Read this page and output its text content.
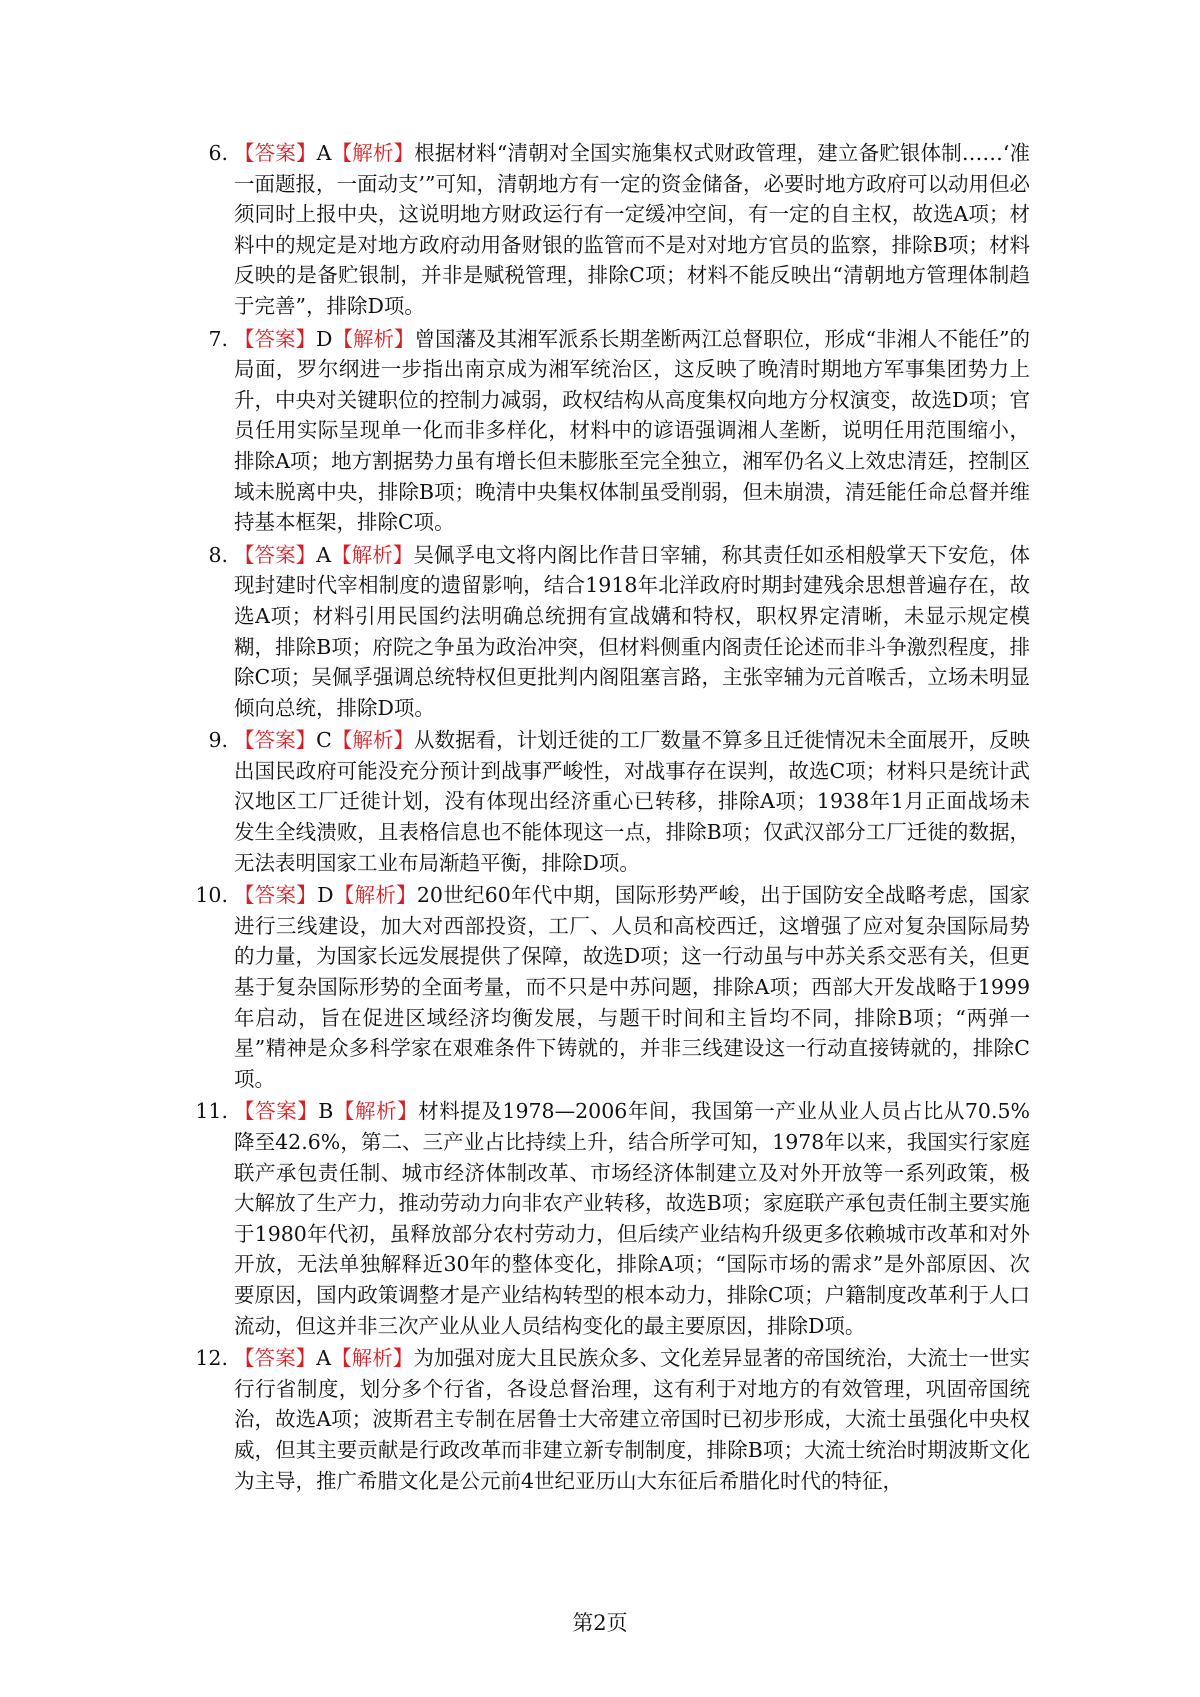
6. 【答案】A【解析】根据材料“清朝对全国实施集权式财政管理，建立备贮银体制……‘准一面题报，一面动支’”可知，清朝地方有一定的资金储备，必要时地方政府可以动用但必须同时上报中央，这说明地方财政运行有一定缓冲空间，有一定的自主权，故选A项；材料中的规定是对地方政府动用备财银的监管而不是对对地方官员的监察，排除B项；材料反映的是备贮银制，并非是赋税管理，排除C项；材料不能反映出“清朝地方管理体制趋于完善”，排除D项。
7. 【答案】D【解析】曾国藩及其湘军派系长期垄断两江总督职位，形成“非湘人不能任”的局面，罗尔纲进一步指出南京成为湘军统治区，这反映了晚清时期地方军事集团势力上升，中央对关键职位的控制力减弱，政权结构从高度集权向地方分权演变，故选D项；官员任用实际呈现单一化而非多样化，材料中的谚语强调湘人垄断，说明任用范围缩小，排除A项；地方割据势力虽有增长但未膨胀至完全独立，湘军仍名义上效忠清廷，控制区域未脱离中央，排除B项；晚清中央集权体制虽受削弱，但未崩溃，清廷能任命总督并维持基本框架，排除C项。
8. 【答案】A【解析】吴佩孚电文将内阁比作昔日宰辅，称其责任如丞相般掌天下安危，体现封建时代宰相制度的遗留影响，结合1918年北洋政府时期封建残余思想普遍存在，故选A项；材料引用民国约法明确总统拥有宣战媾和特权，职权界定清晰，未显示规定模糊，排除B项；府院之争虽为政治冲突，但材料侧重内阁责任论述而非斗争激烈程度，排除C项；吴佩孚强调总统特权但更批判内阁阻塞言路，主张宰辅为元首喉舌，立场未明显倾向总统，排除D项。
9. 【答案】C【解析】从数据看，计划迁徙的工厂数量不算多且迁徙情况未全面展开，反映出国民政府可能没充分预计到战事严峻性，对战事存在误判，故选C项；材料只是统计武汉地区工厂迁徙计划，没有体现出经济重心已转移，排除A项；1938年1月正面战场未发生全线溃败，且表格信息也不能体现这一点，排除B项；仅武汉部分工厂迁徙的数据，无法表明国家工业布局渐趋平衡，排除D项。
10. 【答案】D【解析】20世纪60年代中期，国际形势严峻，出于国防安全战略考虑，国家进行三线建设，加大对西部投资，工厂、人员和高校西迁，这增强了应对复杂国际局势的力量，为国家长远发展提供了保障，故选D项；这一行动虽与中苏关系交恶有关，但更基于复杂国际形势的全面考量，而不只是中苏问题，排除A项；西部大开发战略于1999年启动，旨在促进区域经济均衡发展，与题干时间和主旨均不同，排除B项；“两弹一星”精神是众多科学家在艰难条件下铸就的，并非三线建设这一行动直接铸就的，排除C项。
11. 【答案】B【解析】材料提及1978—2006年间，我国第一产业从业人员占比从70.5%降至42.6%，第二、三产业占比持续上升，结合所学可知，1978年以来，我国实行家庭联产承包责任制、城市经济体制改革、市场经济体制建立及对外开放等一系列政策，极大解放了生产力，推动劳动力向非农产业转移，故选B项；家庭联产承包责任制主要实施于1980年代初，虽释放部分农村劳动力，但后续产业结构升级更多依赖城市改革和对外开放，无法单独解释近30年的整体变化，排除A项；“国际市场的需求”是外部原因、次要原因，国内政策调整才是产业结构转型的根本动力，排除C项；户籍制度改革利于人口流动，但这并非三次产业从业人员结构变化的最主要原因，排除D项。
12. 【答案】A【解析】为加强对庞大且民族众多、文化差异显著的帝国统治，大流士一世实行行省制度，划分多个行省，各设总督治理，这有利于对地方的有效管理，巩固帝国统治，故选A项；波斯君主专制在居鲁士大帝建立帝国时已初步形成，大流士虽强化中央权威，但其主要贡献是行政改革而非建立新专制制度，排除B项；大流士统治时期波斯文化为主导，推广希腊文化是公元前4世纪亚历山大东征后希腊化时代的特征，
第2页
